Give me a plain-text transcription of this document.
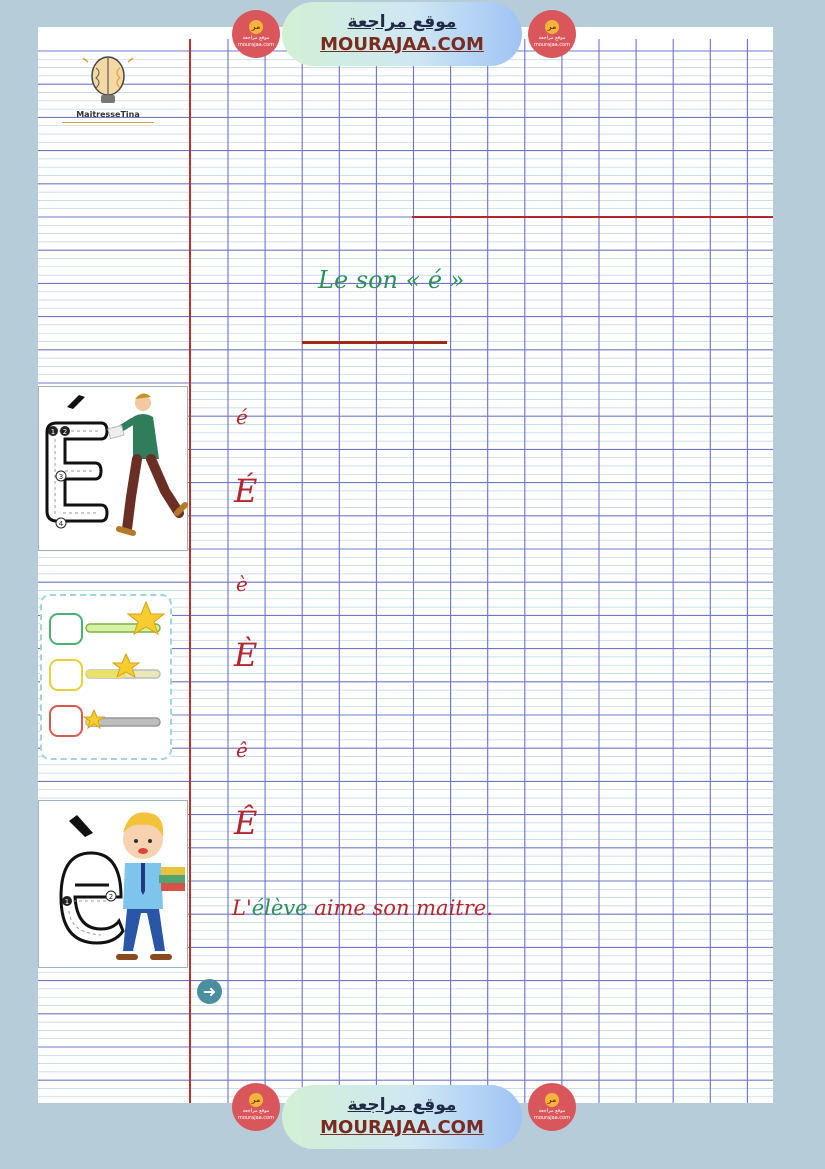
MaitresseTina
Le son « é »
é
É
è
È
ê
Ê
L'élève aime son maitre.
1 2
3
4
1
2
➜
مر
موقع مراجعة
mourajaa.com
موقع مراجعة
MOURAJAA.COM
مر
موقع مراجعة
mourajaa.com
مر
موقع مراجعة
mourajaa.com
موقع مراجعة
MOURAJAA.COM
مر
موقع مراجعة
mourajaa.com
